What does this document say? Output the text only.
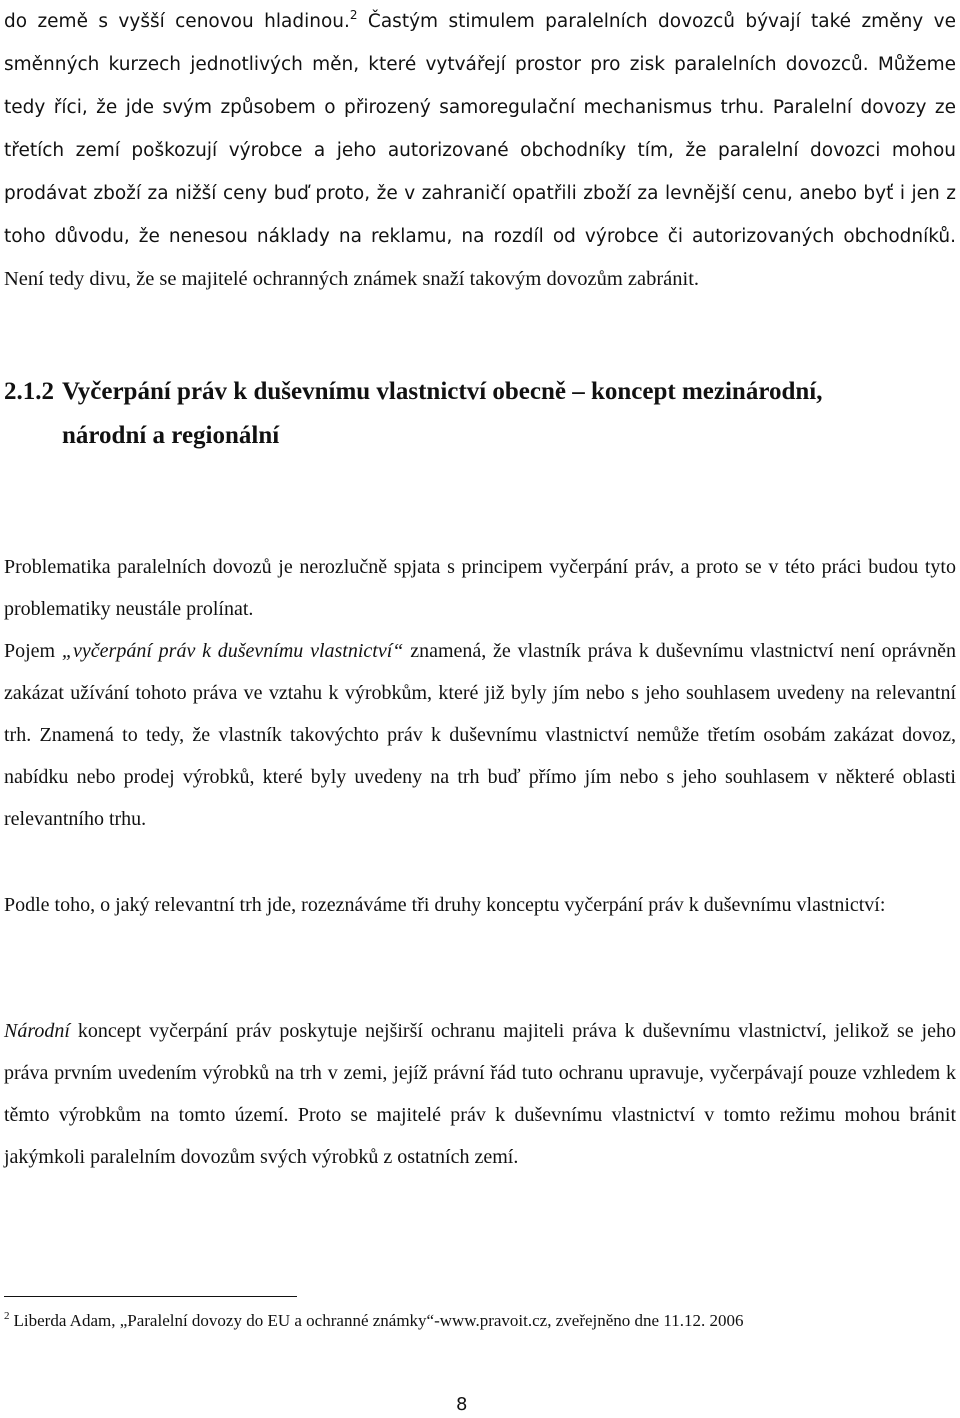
do země s vyšší cenovou hladinou.$^2$ Častým stimulem paralelních dovozců bývají také změny ve směnných kurzech jednotlivých měn, které vytvářejí prostor pro zisk paralelních dovozců. Můžeme tedy říci, že jde svým způsobem o přirozený samoregulační mechanismus trhu. Paralelní dovozy ze třetích zemí poškozují výrobce a jeho autorizované obchodníky tím, že paralelní dovozci mohou prodávat zboží za nižší ceny buď proto, že v zahraničí opatřili zboží za levnější cenu, anebo byť i jen z toho důvodu, že nenesou náklady na reklamu, na rozdíl od výrobce či autorizovaných obchodníků. Není tedy divu, že se majitelé ochranných známek snaží takovým dovozům zabránit.

2.1.2 Vyčerpání práv k duševnímu vlastnictví obecně – koncept mezinárodní,
národní a regionální

Problematika paralelních dovozů je nerozlučně spjata s principem vyčerpání práv, a proto se v této práci budou tyto problematiky neustále prolínat.

Pojem „vyčerpání práv k duševnímu vlastnictví“ znamená, že vlastník práva k duševnímu vlastnictví není oprávněn zakázat užívání tohoto práva ve vztahu k výrobkům, které již byly jím nebo s jeho souhlasem uvedeny na relevantní trh. Znamená to tedy, že vlastník takovýchto práv k duševnímu vlastnictví nemůže třetím osobám zakázat dovoz, nabídku nebo prodej výrobků, které byly uvedeny na trh buď přímo jím nebo s jeho souhlasem v některé oblasti relevantního trhu.

Podle toho, o jaký relevantní trh jde, rozeznáváme tři druhy konceptu vyčerpání práv k duševnímu vlastnictví:

Národní koncept vyčerpání práv poskytuje nejširší ochranu majiteli práva k duševnímu vlastnictví, jelikož se jeho práva prvním uvedením výrobků na trh v zemi, jejíž právní řád tuto ochranu upravuje, vyčerpávají pouze vzhledem k těmto výrobkům na tomto území. Proto se majitelé práv k duševnímu vlastnictví v tomto režimu mohou bránit jakýmkoli paralelním dovozům svých výrobků z ostatních zemí.

$^2$ Liberda Adam, „Paralelní dovozy do EU a ochranné známky“-www.pravoit.cz, zveřejněno dne 11.12. 2006

8
